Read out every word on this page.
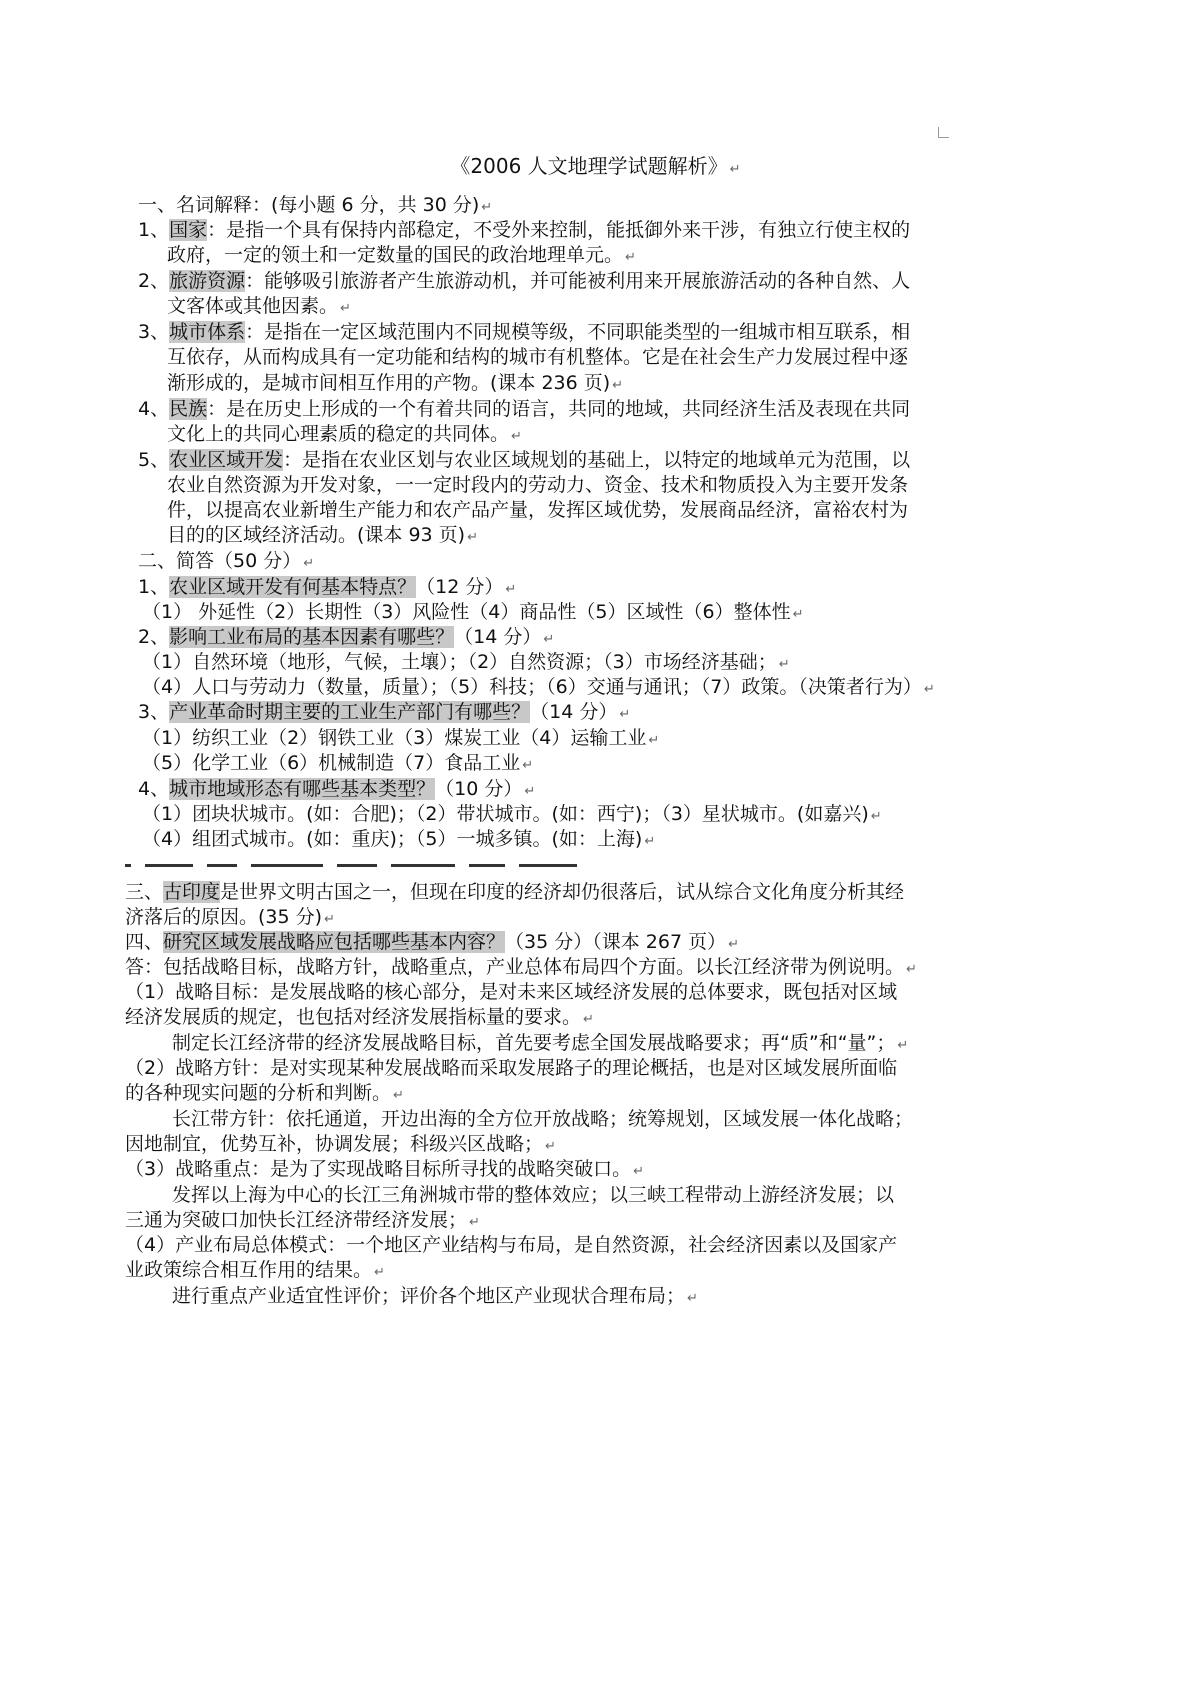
《2006 人文地理学试题解析》 ↵
一、名词解释：(每小题 6 分，共 30 分) ↵
1、国家：是指一个具有保持内部稳定，不受外来控制，能抵御外来干涉，有独立行使主权的
政府，一定的领土和一定数量的国民的政治地理单元。 ↵
2、旅游资源：能够吸引旅游者产生旅游动机，并可能被利用来开展旅游活动的各种自然、人
文客体或其他因素。 ↵
3、城市体系：是指在一定区域范围内不同规模等级，不同职能类型的一组城市相互联系，相
互依存，从而构成具有一定功能和结构的城市有机整体。它是在社会生产力发展过程中逐
渐形成的，是城市间相互作用的产物。(课本 236 页) ↵
4、民族：是在历史上形成的一个有着共同的语言，共同的地域，共同经济生活及表现在共同
文化上的共同心理素质的稳定的共同体。 ↵
5、农业区域开发：是指在农业区划与农业区域规划的基础上，以特定的地域单元为范围，以
农业自然资源为开发对象，一一定时段内的劳动力、资金、技术和物质投入为主要开发条
件，以提高农业新增生产能力和农产品产量，发挥区域优势，发展商品经济，富裕农村为
目的的区域经济活动。(课本 93 页) ↵
二、简答（50 分） ↵
1、农业区域开发有何基本特点？（12 分） ↵
（1） 外延性（2）长期性（3）风险性（4）商品性（5）区域性（6）整体性 ↵
2、影响工业布局的基本因素有哪些？（14 分） ↵
（1）自然环境（地形，气候，土壤）；（2）自然资源；（3）市场经济基础； ↵
（4）人口与劳动力（数量，质量）；（5）科技；（6）交通与通讯；（7）政策。（决策者行为） ↵
3、产业革命时期主要的工业生产部门有哪些？（14 分） ↵
（1）纺织工业（2）钢铁工业（3）煤炭工业（4）运输工业 ↵
（5）化学工业（6）机械制造（7）食品工业 ↵
4、城市地域形态有哪些基本类型？（10 分） ↵
（1）团块状城市。(如：合肥)；（2）带状城市。(如：西宁)；（3）星状城市。(如嘉兴) ↵
（4）组团式城市。(如：重庆)；（5）一城多镇。(如：上海) ↵
三、古印度是世界文明古国之一，但现在印度的经济却仍很落后，试从综合文化角度分析其经
济落后的原因。(35 分) ↵
四、研究区域发展战略应包括哪些基本内容？（35 分）（课本 267 页） ↵
答：包括战略目标，战略方针，战略重点，产业总体布局四个方面。以长江经济带为例说明。 ↵
（1）战略目标：是发展战略的核心部分，是对未来区域经济发展的总体要求，既包括对区域
经济发展质的规定，也包括对经济发展指标量的要求。 ↵
制定长江经济带的经济发展战略目标，首先要考虑全国发展战略要求；再“质”和“量”； ↵
（2）战略方针：是对实现某种发展战略而采取发展路子的理论概括，也是对区域发展所面临
的各种现实问题的分析和判断。 ↵
长江带方针：依托通道，开边出海的全方位开放战略；统筹规划，区域发展一体化战略；
因地制宜，优势互补，协调发展；科级兴区战略； ↵
（3）战略重点：是为了实现战略目标所寻找的战略突破口。 ↵
发挥以上海为中心的长江三角洲城市带的整体效应；以三峡工程带动上游经济发展；以
三通为突破口加快长江经济带经济发展； ↵
（4）产业布局总体模式：一个地区产业结构与布局，是自然资源，社会经济因素以及国家产
业政策综合相互作用的结果。 ↵
进行重点产业适宜性评价；评价各个地区产业现状合理布局； ↵
